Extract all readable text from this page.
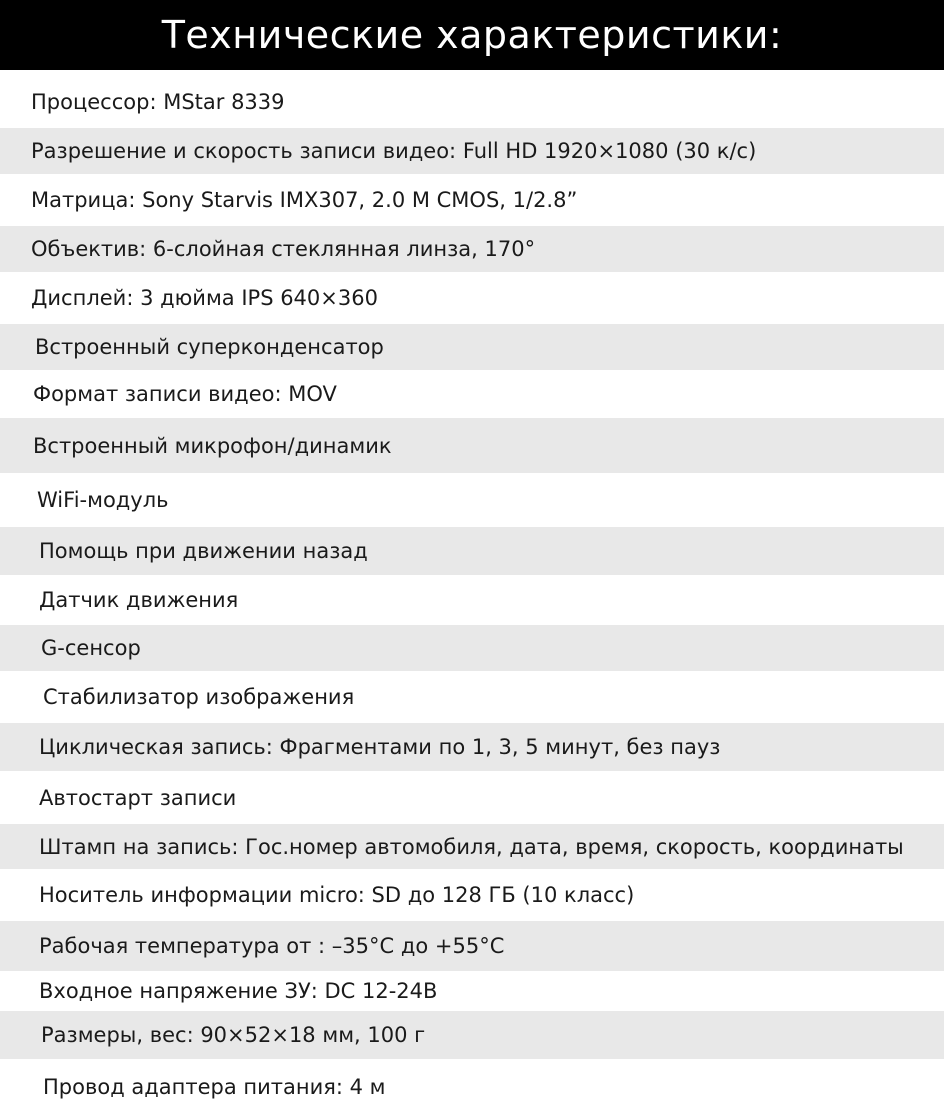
Технические характеристики:
Процессор: MStar 8339
Разрешение и скорость записи видео: Full HD 1920×1080 (30 к/с)
Матрица: Sony Starvis IMX307, 2.0 M CMOS, 1/2.8”
Объектив: 6-слойная стеклянная линза, 170°
Дисплей: 3 дюйма IPS 640×360
Встроенный суперконденсатор
Формат записи видео: MOV
Встроенный микрофон/динамик
WiFi-модуль
Помощь при движении назад
Датчик движения
G-сенсор
Стабилизатор изображения
Циклическая запись: Фрагментами по 1, 3, 5 минут, без пауз
Автостарт записи
Штамп на запись: Гос.номер автомобиля, дата, время, скорость, координаты
Носитель информации micro: SD до 128 ГБ (10 класс)
Рабочая температура от : –35°С до +55°С
Входное напряжение ЗУ: DC 12-24В
Размеры, вес: 90×52×18 мм, 100 г
Провод адаптера питания: 4 м
